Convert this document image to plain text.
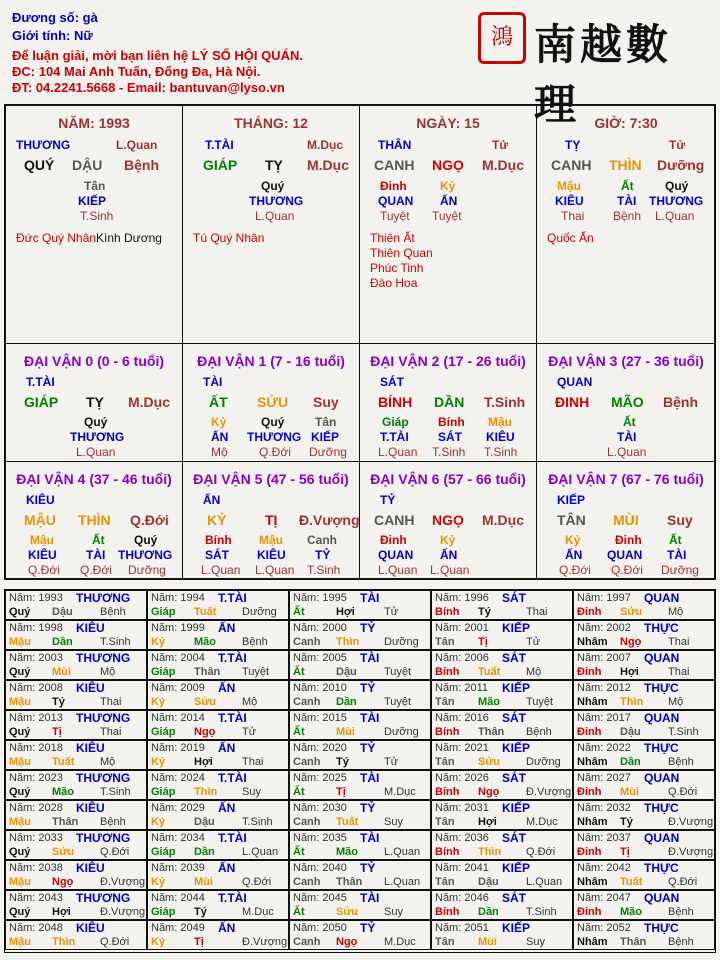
Đương số: gà
Giới tính: Nữ
Để luận giải, mời bạn liên hệ LÝ SỐ HỘI QUÁN.
ĐC: 104 Mai Anh Tuấn, Đống Đa, Hà Nội.
ĐT: 04.2241.5668 - Email: bantuvan@lyso.vn
鴻 南越數理
NĂM: 1993
THƯƠNG	L.Quan
QUÝ DẬU Bệnh
Tân
KIẾP
T.Sinh
Đức Quý Nhân Kình Dương
THÁNG: 12
T.TÀI	M.Dục
GIÁP TỴ M.Dục
Quý
THƯƠNG
L.Quan
Tú Quý Nhân
NGÀY: 15
THÂN	Tử
CANH NGỌ M.Dục
Đinh	Kỷ
QUAN ẤN
Tuyệt Tuyệt
Thiên Ất
Thiên Quan
Phúc Tinh
Đào Hoa
GIỜ: 7:30
TỴ	Tử
CANH THÌN Dưỡng
Mậu	Ất	Quý
KIÊU	TÀI THƯƠNG
Thai Bệnh L.Quan
Quốc Ấn
ĐẠI VẬN 0 (0 - 6 tuổi)
T.TÀI
GIÁP TỴ M.Dục
Quý
THƯƠNG
L.Quan
ĐẠI VẬN 1 (7 - 16 tuổi)
TÀI
ẤT SỬU Suy
Kỷ	Quý	Tân
ẤN THƯƠNG KIẾP
Mộ	Q.Đới Dưỡng
ĐẠI VẬN 2 (17 - 26 tuổi)
SÁT
BÍNH DẦN T.Sinh
Giáp Bính Mậu
T.TÀI SÁT KIÊU
L.Quan T.Sinh T.Sinh
ĐẠI VẬN 3 (27 - 36 tuổi)
QUAN
ĐINH MÃO Bệnh
Ất
TÀI
L.Quan
ĐẠI VẬN 4 (37 - 46 tuổi)
KIÊU
MẬU THÌN Q.Đới
Mậu	Ất Quý
KIÊU TÀI THƯƠNG
Q.Đới Q.Đới Dưỡng
ĐẠI VẬN 5 (47 - 56 tuổi)
ẤN
KỶ	TỊ Đ.Vượng
Bính Mậu Canh
SÁT KIÊU TỶ
L.Quan L.Quan T.Sinh
ĐẠI VẬN 6 (57 - 66 tuổi)
TỶ
CANH NGỌ M.Dục
Đinh	Kỷ
QUAN ẤN
L.Quan L.Quan
ĐẠI VẬN 7 (67 - 76 tuổi)
KIẾP
TÂN MÙI Suy
Kỷ	Đinh Ất
ẤN QUAN TÀI
Q.Đới Q.Đới Dưỡng
Năm: 1993 THƯƠNG
Quý Dậu Bệnh
Năm: 1994 T.TÀI
Giáp Tuất Dưỡng
Năm: 1995 TÀI
Ất	Hợi	Tử
Năm: 1996 SÁT
Bính Tý	Thai
Năm: 1997 QUAN
Đinh Sửu Mộ
Năm: 1998 KIÊU
Mậu Dần T.Sinh
Năm: 1999 ẤN
Kỷ	Mão Bệnh
Năm: 2000 TỶ
Canh Thìn Dưỡng
Năm: 2001 KIẾP
Tân Tị	Tử
Năm: 2002 THỰC
Nhâm Ngọ Thai
Năm: 2003 THƯƠNG
Quý Mùi	Mộ
Năm: 2004 T.TÀI
Giáp Thân Tuyệt
Năm: 2005 TÀI
Ất	Dậu Tuyệt
Năm: 2006 SÁT
Bính Tuất Mộ
Năm: 2007 QUAN
Đinh Hợi	Thai
Năm: 2008 KIÊU
Mậu Tý	Thai
Năm: 2009 ẤN
Kỷ	Sửu Mộ
Năm: 2010 TỶ
Canh Dần Tuyệt
Năm: 2011 KIẾP
Tân Mão Tuyệt
Năm: 2012 THỰC
Nhâm Thìn Mộ
Năm: 2013 THƯƠNG
Quý Tị	Thai
Năm: 2014 T.TÀI
Giáp Ngọ Tử
Năm: 2015 TÀI
Ất	Mùi	Dưỡng
Năm: 2016 SÁT
Bính Thân Bệnh
Năm: 2017 QUAN
Đinh Dậu T.Sinh
Năm: 2018 KIÊU
Mậu Tuất Mộ
Năm: 2019 ẤN
Kỷ	Hợi	Thai
Năm: 2020 TỶ
Canh Tý	Tử
Năm: 2021 KIẾP
Tân Sửu Dưỡng
Năm: 2022 THỰC
Nhâm Dần Bệnh
Năm: 2023 THƯƠNG
Quý Mão T.Sinh
Năm: 2024 T.TÀI
Giáp Thìn Suy
Năm: 2025 TÀI
Ất	Tị	M.Dục
Năm: 2026 SÁT
Bính Ngọ Đ.Vượng
Năm: 2027 QUAN
Đinh Mùi	Q.Đới
Năm: 2028 KIÊU
Mậu Thân Bệnh
Năm: 2029 ẤN
Kỷ	Dậu T.Sinh
Năm: 2030 TỶ
Canh Tuất Suy
Năm: 2031 KIẾP
Tân Hợi	M.Dục
Năm: 2032 THỰC
Nhâm Tý	Đ.Vượng
Năm: 2033 THƯƠNG
Quý Sửu Q.Đới
Năm: 2034 T.TÀI
Giáp Dần L.Quan
Năm: 2035 TÀI
Ất	Mão L.Quan
Năm: 2036 SÁT
Bính Thìn Q.Đới
Năm: 2037 QUAN
Đinh Tị	Đ.Vượng
Năm: 2038 KIÊU
Mậu Ngọ Đ.Vượng
Năm: 2039 ẤN
Kỷ	Mùi	Q.Đới
Năm: 2040 TỶ
Canh Thân L.Quan
Năm: 2041 KIẾP
Tân Dậu L.Quan
Năm: 2042 THỰC
Nhâm Tuất Q.Đới
Năm: 2043 THƯƠNG
Quý Hợi	Đ.Vượng
Năm: 2044 T.TÀI
Giáp Tý	M.Dục
Năm: 2045 TÀI
Ất	Sửu Suy
Năm: 2046 SÁT
Bính Dần T.Sinh
Năm: 2047 QUAN
Đinh Mão Bệnh
Năm: 2048 KIÊU
Mậu Thìn Q.Đới
Năm: 2049 ẤN
Kỷ	Tị	Đ.Vượng
Năm: 2050 TỶ
Canh Ngọ M.Dục
Năm: 2051 KIẾP
Tân Mùi	Suy
Năm: 2052 THỰC
Nhâm Thân Bệnh
